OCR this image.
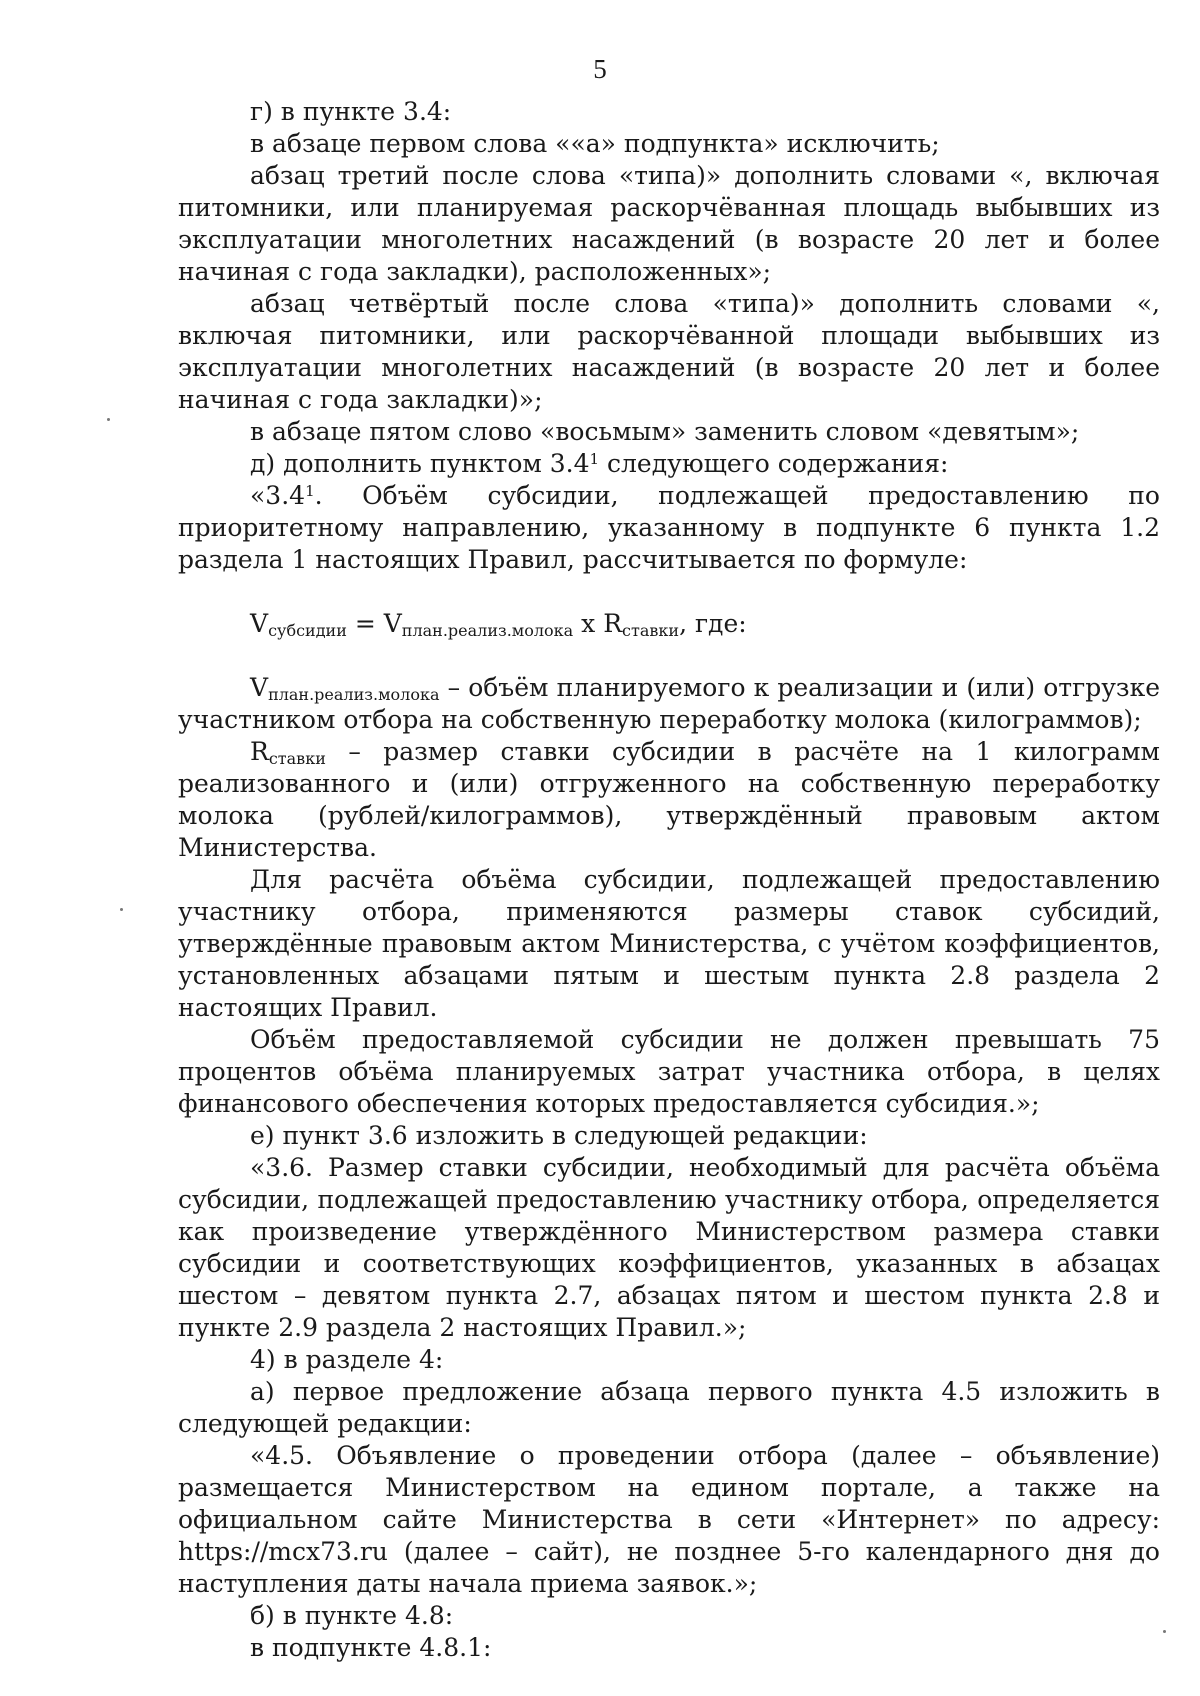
5

г) в пункте 3.4:

в абзаце первом слова ««а» подпункта» исключить;

абзац третий после слова «типа)» дополнить словами «, включая питомники, или планируемая раскорчёванная площадь выбывших из эксплуатации многолетних насаждений (в возрасте 20 лет и более начиная с года закладки), расположенных»;

абзац четвёртый после слова «типа)» дополнить словами «, включая питомники, или раскорчёванной площади выбывших из эксплуатации многолетних насаждений (в возрасте 20 лет и более начиная с года закладки)»;

в абзаце пятом слово «восьмым» заменить словом «девятым»;

д) дополнить пунктом $3.4^1$ следующего содержания:

«$3.4^1$. Объём субсидии, подлежащей предоставлению по приоритетному направлению, указанному в подпункте 6 пункта 1.2 раздела 1 настоящих Правил, рассчитывается по формуле:

$V_{субсидии} = V_{план.реализ.молока}$ x $R_{ставки}$, где:

$V_{план.реализ.молока}$ – объём планируемого к реализации и (или) отгрузке участником отбора на собственную переработку молока (килограммов);

$R_{ставки}$ – размер ставки субсидии в расчёте на 1 килограмм реализованного и (или) отгруженного на собственную переработку молока (рублей/килограммов), утверждённый правовым актом Министерства.

Для расчёта объёма субсидии, подлежащей предоставлению участнику отбора, применяются размеры ставок субсидий, утверждённые правовым актом Министерства, с учётом коэффициентов, установленных абзацами пятым и шестым пункта 2.8 раздела 2 настоящих Правил.

Объём предоставляемой субсидии не должен превышать 75 процентов объёма планируемых затрат участника отбора, в целях финансового обеспечения которых предоставляется субсидия.»;

е) пункт 3.6 изложить в следующей редакции:

«3.6. Размер ставки субсидии, необходимый для расчёта объёма субсидии, подлежащей предоставлению участнику отбора, определяется как произведение утверждённого Министерством размера ставки субсидии и соответствующих коэффициентов, указанных в абзацах шестом – девятом пункта 2.7, абзацах пятом и шестом пункта 2.8 и пункте 2.9 раздела 2 настоящих Правил.»;

4) в разделе 4:

а) первое предложение абзаца первого пункта 4.5 изложить в следующей редакции:

«4.5. Объявление о проведении отбора (далее – объявление) размещается Министерством на едином портале, а также на официальном сайте Министерства в сети «Интернет» по адресу: https://mcx73.ru (далее – сайт), не позднее 5-го календарного дня до наступления даты начала приема заявок.»;

б) в пункте 4.8:

в подпункте 4.8.1:
